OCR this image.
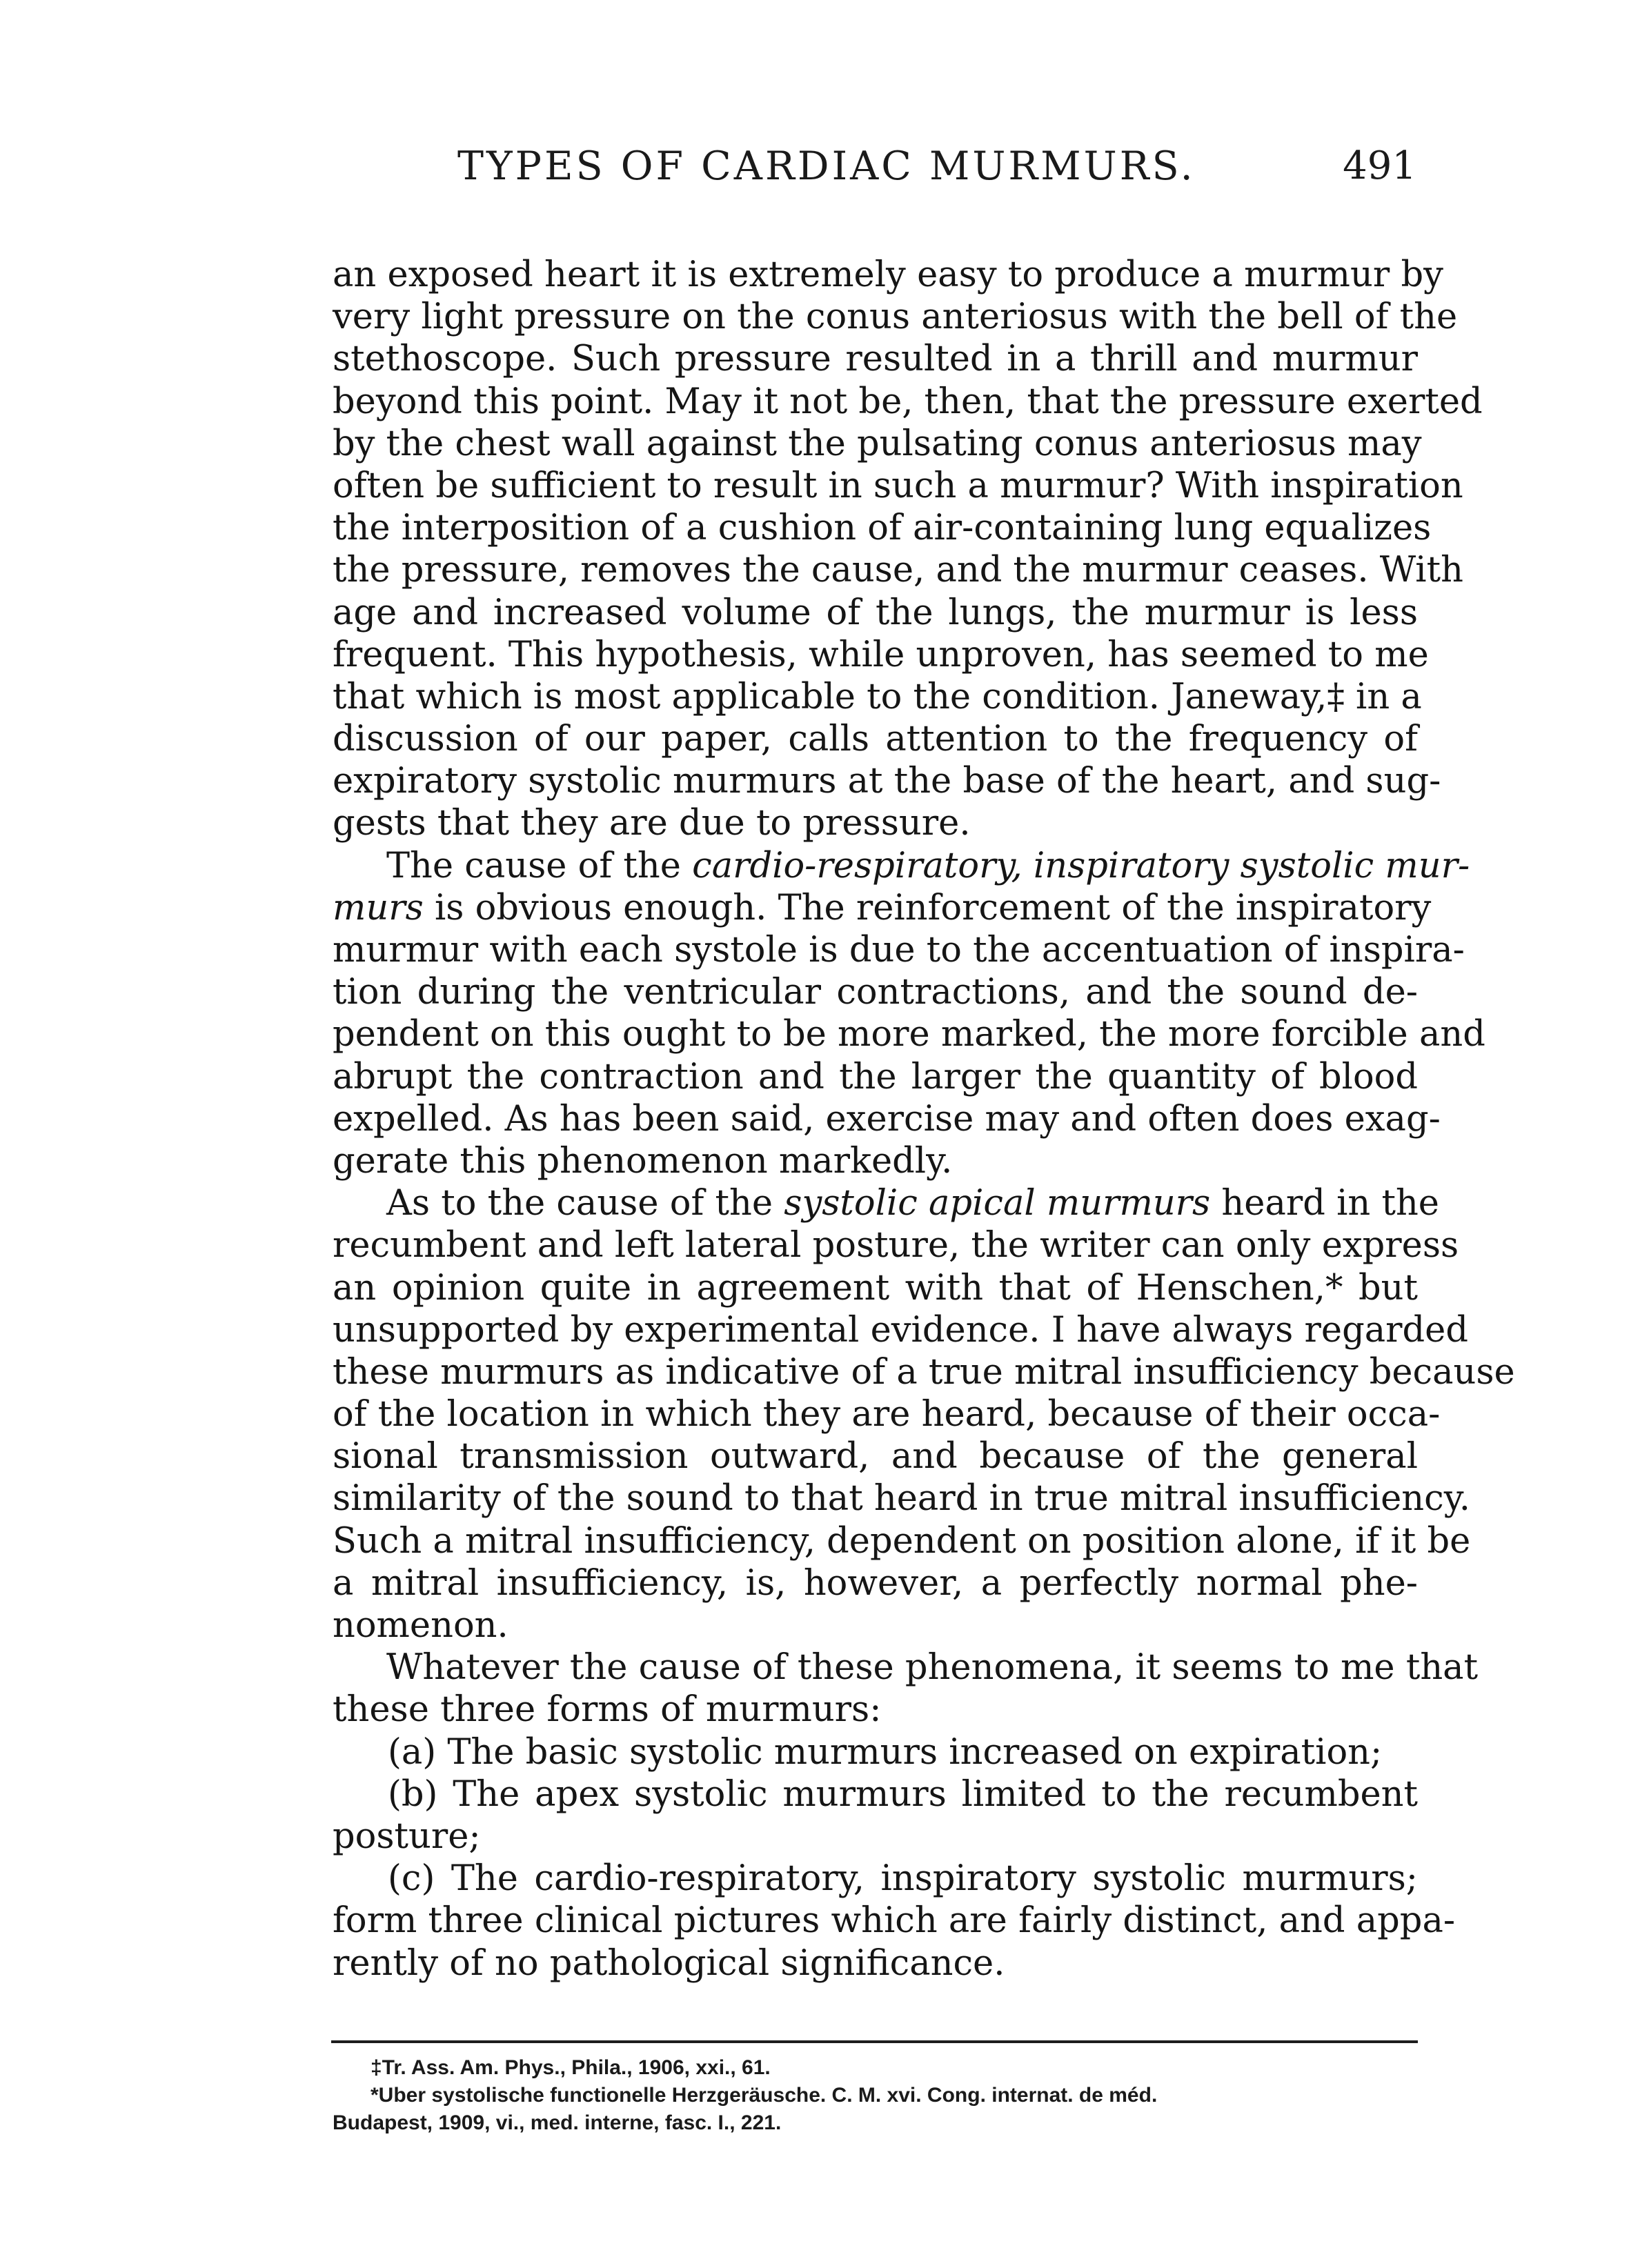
TYPES OF CARDIAC MURMURS.	491
an exposed heart it is extremely easy to produce a murmur by
very light pressure on the conus anteriosus with the bell of the
stethoscope. Such pressure resulted in a thrill and murmur
beyond this point. May it not be, then, that the pressure exerted
by the chest wall against the pulsating conus anteriosus may
often be sufficient to result in such a murmur? With inspiration
the interposition of a cushion of air-containing lung equalizes
the pressure, removes the cause, and the murmur ceases. With
age and increased volume of the lungs, the murmur is less
frequent. This hypothesis, while unproven, has seemed to me
that which is most applicable to the condition. Janeway,‡ in a
discussion of our paper, calls attention to the frequency of
expiratory systolic murmurs at the base of the heart, and sug-
gests that they are due to pressure.
The cause of the cardio-respiratory, inspiratory systolic mur-
murs is obvious enough. The reinforcement of the inspiratory
murmur with each systole is due to the accentuation of inspira-
tion during the ventricular contractions, and the sound de-
pendent on this ought to be more marked, the more forcible and
abrupt the contraction and the larger the quantity of blood
expelled. As has been said, exercise may and often does exag-
gerate this phenomenon markedly.
As to the cause of the systolic apical murmurs heard in the
recumbent and left lateral posture, the writer can only express
an opinion quite in agreement with that of Henschen,* but
unsupported by experimental evidence. I have always regarded
these murmurs as indicative of a true mitral insufficiency because
of the location in which they are heard, because of their occa-
sional transmission outward, and because of the general
similarity of the sound to that heard in true mitral insufficiency.
Such a mitral insufficiency, dependent on position alone, if it be
a mitral insufficiency, is, however, a perfectly normal phe-
nomenon.
Whatever the cause of these phenomena, it seems to me that
these three forms of murmurs:
(a) The basic systolic murmurs increased on expiration;
(b) The apex systolic murmurs limited to the recumbent
posture;
(c) The cardio-respiratory, inspiratory systolic murmurs;
form three clinical pictures which are fairly distinct, and appa-
rently of no pathological significance.
‡Tr. Ass. Am. Phys., Phila., 1906, xxi., 61.
*Uber systolische functionelle Herzgeräusche. C. M. xvi. Cong. internat. de méd.
Budapest, 1909, vi., med. interne, fasc. I., 221.
